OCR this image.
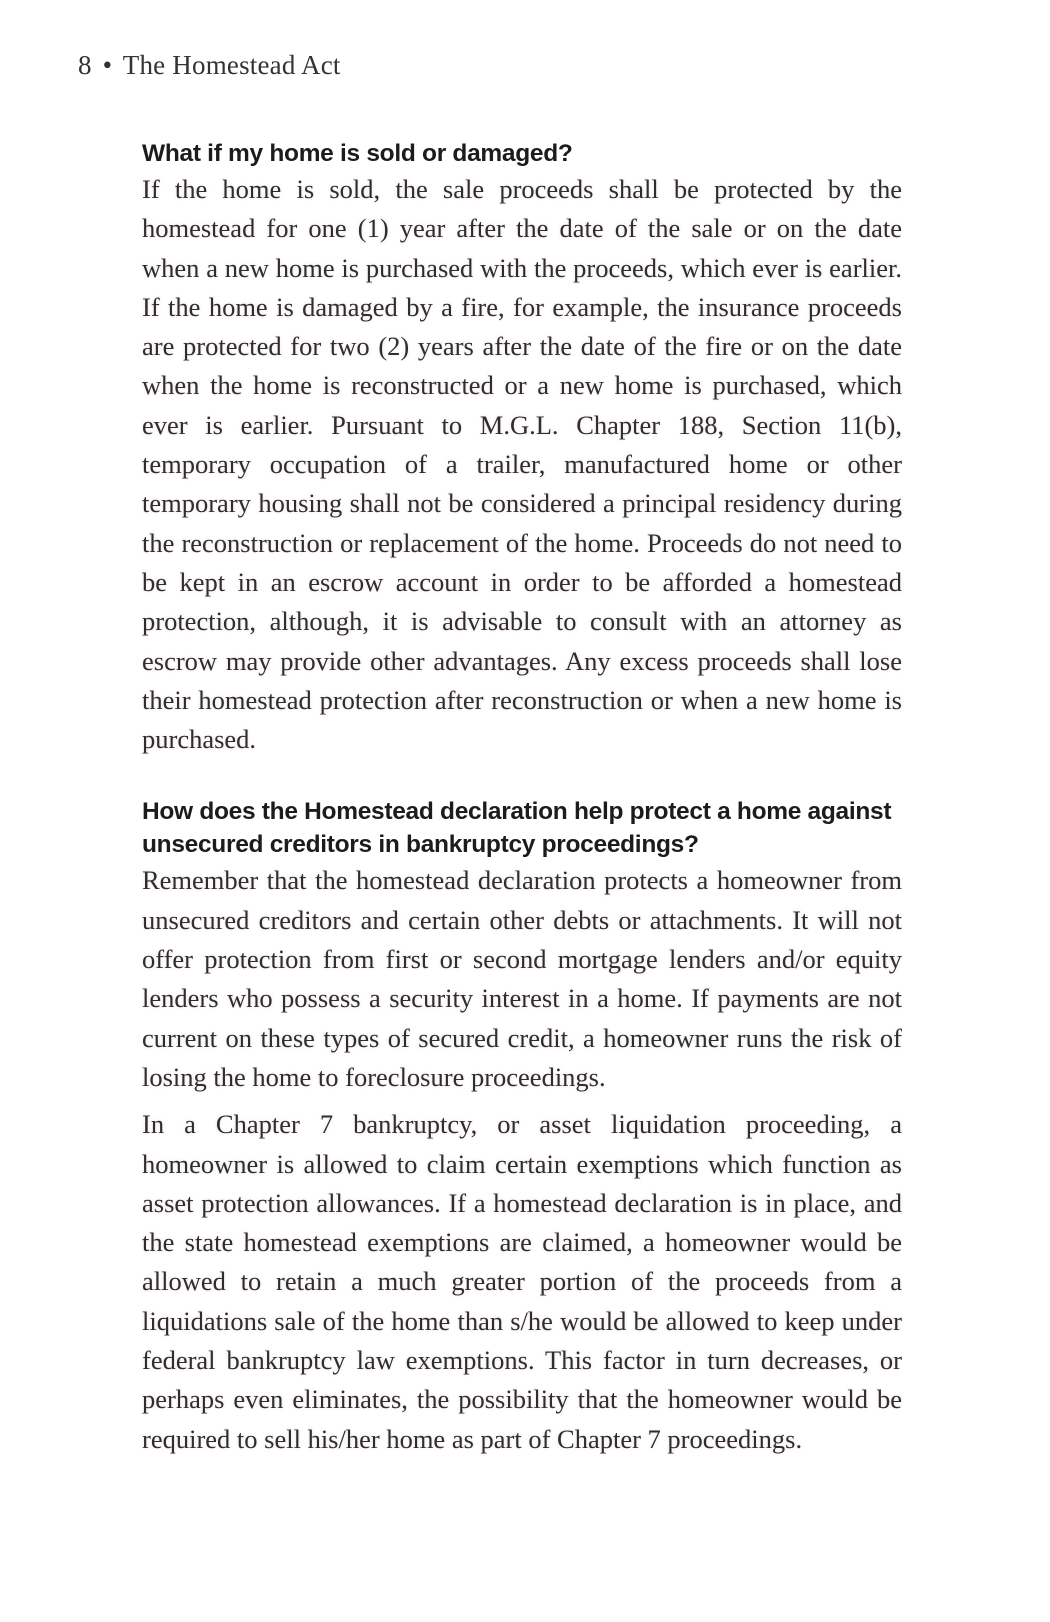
8 • The Homestead Act
What if my home is sold or damaged?

If the home is sold, the sale proceeds shall be protected by the homestead for one (1) year after the date of the sale or on the date when a new home is purchased with the proceeds, which ever is earlier. If the home is damaged by a fire, for example, the insurance proceeds are protected for two (2) years after the date of the fire or on the date when the home is reconstructed or a new home is purchased, which ever is earlier. Pursuant to M.G.L. Chapter 188, Section 11(b), temporary occupation of a trailer, manufactured home or other temporary housing shall not be considered a principal residency during the reconstruction or replacement of the home. Proceeds do not need to be kept in an escrow account in order to be afforded a homestead protection, although, it is advisable to consult with an attorney as escrow may provide other advantages. Any excess proceeds shall lose their homestead protection after reconstruction or when a new home is purchased.

How does the Homestead declaration help protect a home against unsecured creditors in bankruptcy proceedings?

Remember that the homestead declaration protects a homeowner from unsecured creditors and certain other debts or attachments. It will not offer protection from first or second mortgage lenders and/or equity lenders who possess a security interest in a home. If payments are not current on these types of secured credit, a homeowner runs the risk of losing the home to foreclosure proceedings.

In a Chapter 7 bankruptcy, or asset liquidation proceeding, a homeowner is allowed to claim certain exemptions which function as asset protection allowances. If a homestead declaration is in place, and the state homestead exemptions are claimed, a homeowner would be allowed to retain a much greater portion of the proceeds from a liquidations sale of the home than s/he would be allowed to keep under federal bankruptcy law exemptions. This factor in turn decreases, or perhaps even eliminates, the possibility that the homeowner would be required to sell his/her home as part of Chapter 7 proceedings.
